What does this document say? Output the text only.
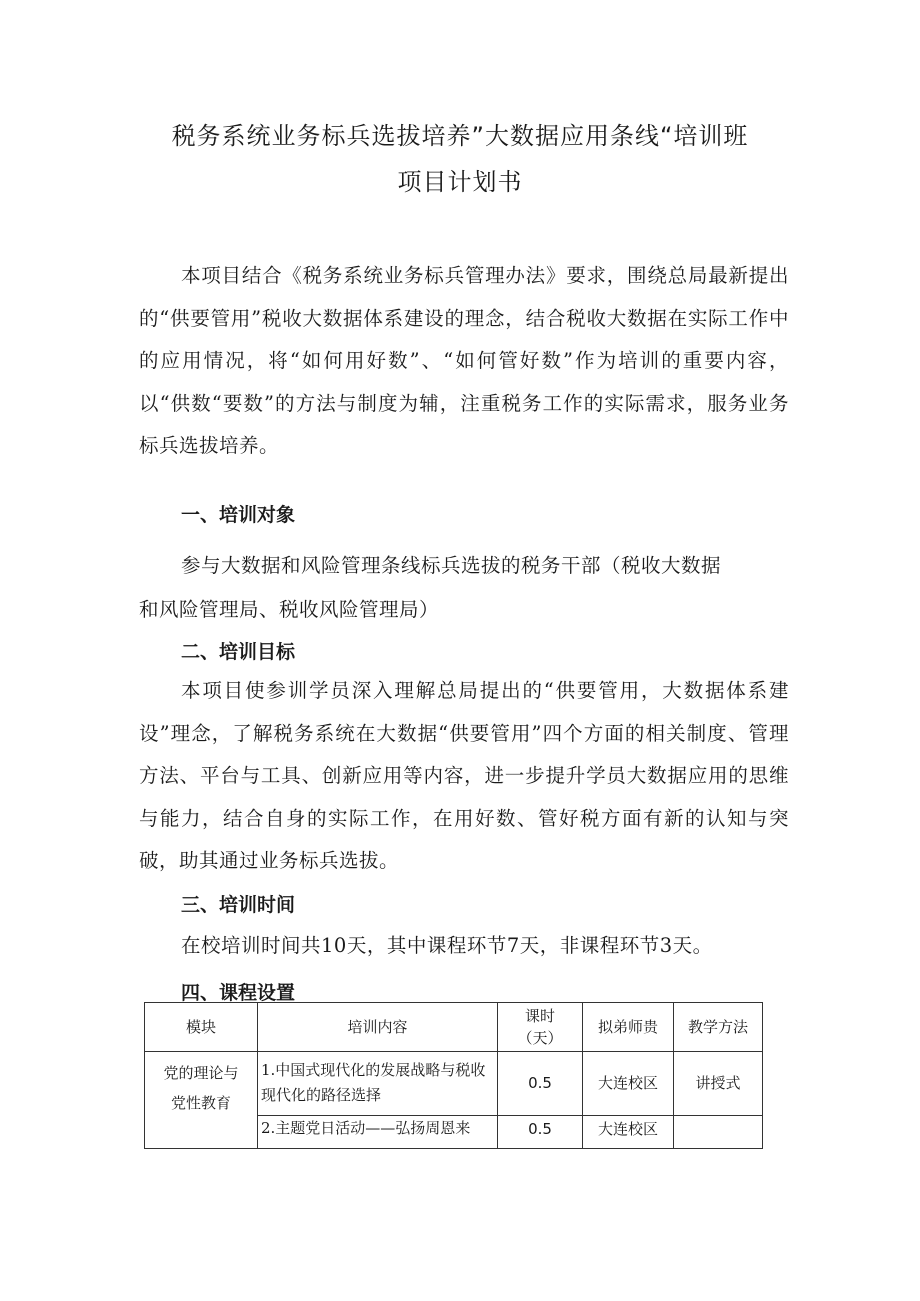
税务系统业务标兵选拔培养”大数据应用条线“培训班
项目计划书

本项目结合《税务系统业务标兵管理办法》要求，围绕总局最新提出的“供要管用”税收大数据体系建设的理念，结合税收大数据在实际工作中的应用情况，将“如何用好数”、“如何管好数”作为培训的重要内容，以“供数“要数”的方法与制度为辅，注重税务工作的实际需求，服务业务标兵选拔培养。

一、培训对象
参与大数据和风险管理条线标兵选拔的税务干部（税收大数据
和风险管理局、税收风险管理局）
二、培训目标

本项目使参训学员深入理解总局提出的“供要管用，大数据体系建设”理念，了解税务系统在大数据“供要管用”四个方面的相关制度、管理方法、平台与工具、创新应用等内容，进一步提升学员大数据应用的思维与能力，结合自身的实际工作，在用好数、管好税方面有新的认知与突破，助其通过业务标兵选拔。

三、培训时间
在校培训时间共10天，其中课程环节7天，非课程环节3天。
四、课程设置
模块	培训内容	课时（天）	拟弟师贵	教学方法

党的理论与党性教育	1.中国式现代化的发展战略与税收现代化的路径选择	0.5	大连校区	讲授式
	2.主题党日活动——弘扬周恩来	0.5	大连校区	
